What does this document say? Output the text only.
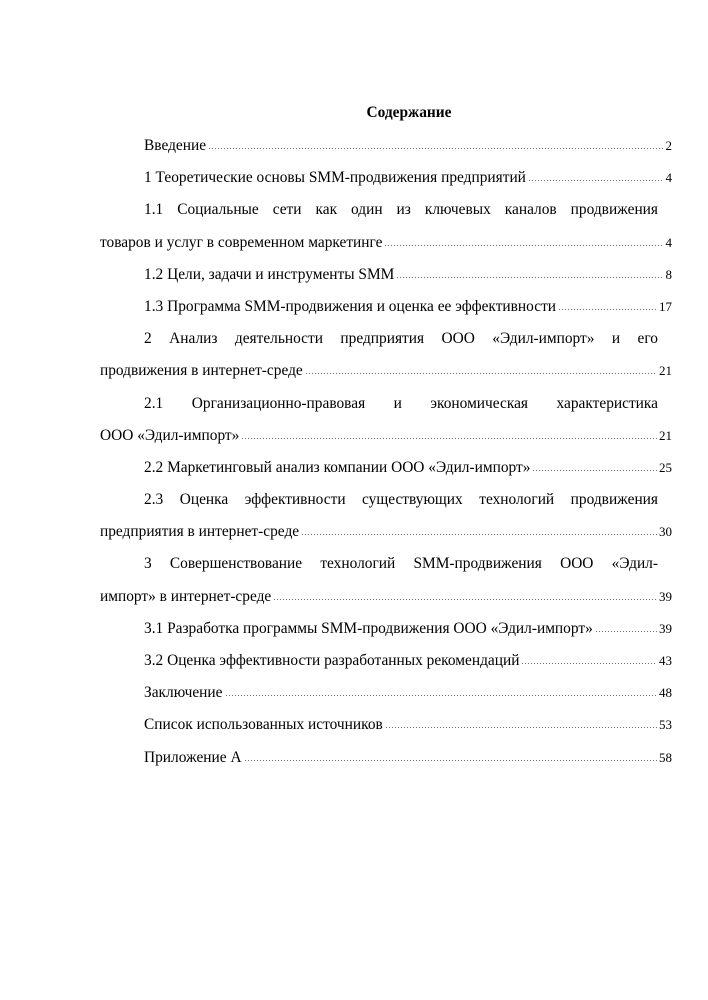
Содержание
Введение	2
1 Теоретические основы SMM-продвижения предприятий	4
1.1 Социальные сети как один из ключевых каналов продвижения
товаров и услуг в современном маркетинге	4
1.2 Цели, задачи и инструменты SMM	8
1.3 Программа SMM-продвижения и оценка ее эффективности	17
2 Анализ деятельности предприятия ООО «Эдил-импорт» и его
продвижения в интернет-среде	21
2.1 Организационно-правовая и экономическая характеристика
ООО «Эдил-импорт»	21
2.2 Маркетинговый анализ компании ООО «Эдил-импорт»	25
2.3 Оценка эффективности существующих технологий продвижения
предприятия в интернет-среде	30
3 Совершенствование технологий SMM-продвижения ООО «Эдил-
импорт» в интернет-среде	39
3.1 Разработка программы SMM-продвижения ООО «Эдил-импорт»	39
3.2 Оценка эффективности разработанных рекомендаций	43
Заключение	48
Список использованных источников	53
Приложение А	58
